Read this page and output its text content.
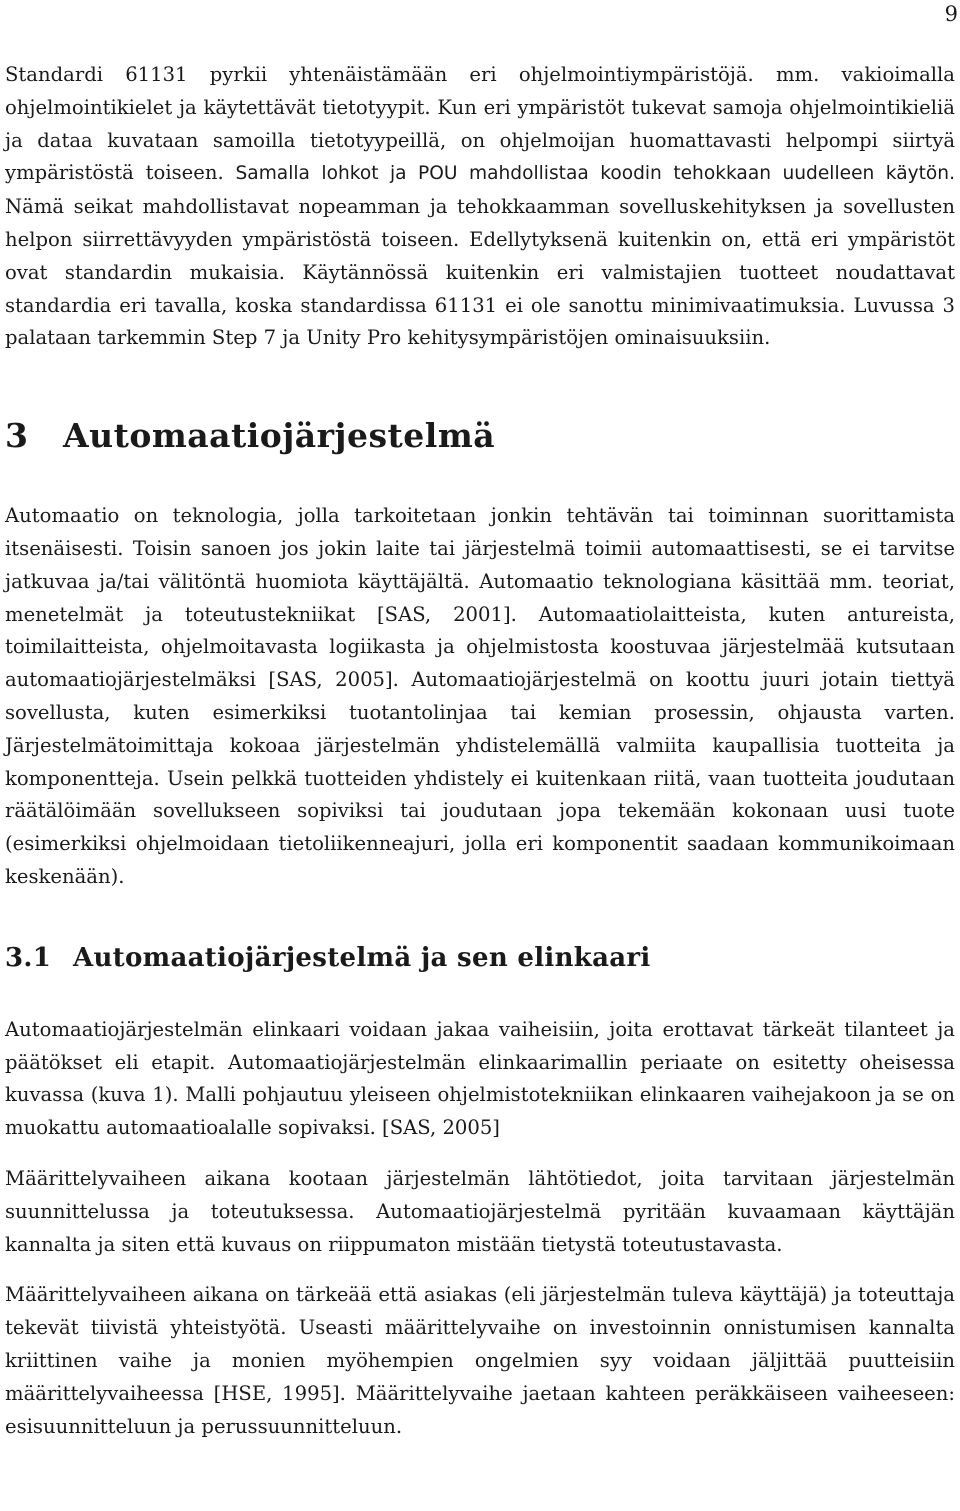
9

Standardi 61131 pyrkii yhtenäistämään eri ohjelmointiympäristöjä. mm. vakioimalla ohjelmointikielet ja käytettävät tietotyypit. Kun eri ympäristöt tukevat samoja ohjelmointikieliä ja dataa kuvataan samoilla tietotyypeillä, on ohjelmoijan huomattavasti helpompi siirtyä ympäristöstä toiseen. Samalla lohkot ja POU mahdollistaa koodin tehokkaan uudelleen käytön. Nämä seikat mahdollistavat nopeamman ja tehokkaamman sovelluskehityksen ja sovellusten helpon siirrettävyyden ympäristöstä toiseen. Edellytyksenä kuitenkin on, että eri ympäristöt ovat standardin mukaisia. Käytännössä kuitenkin eri valmistajien tuotteet noudattavat standardia eri tavalla, koska standardissa 61131 ei ole sanottu minimivaatimuksia. Luvussa 3 palataan tarkemmin Step 7 ja Unity Pro kehitysympäristöjen ominaisuuksiin.

3 Automaatiojärjestelmä

Automaatio on teknologia, jolla tarkoitetaan jonkin tehtävän tai toiminnan suorittamista itsenäisesti. Toisin sanoen jos jokin laite tai järjestelmä toimii automaattisesti, se ei tarvitse jatkuvaa ja/tai välitöntä huomiota käyttäjältä. Automaatio teknologiana käsittää mm. teoriat, menetelmät ja toteutustekniikat [SAS, 2001]. Automaatiolaitteista, kuten antureista, toimilaitteista, ohjelmoitavasta logiikasta ja ohjelmistosta koostuvaa järjestelmää kutsutaan automaatiojärjestelmäksi [SAS, 2005]. Automaatiojärjestelmä on koottu juuri jotain tiettyä sovellusta, kuten esimerkiksi tuotantolinjaa tai kemian prosessin, ohjausta varten. Järjestelmätoimittaja kokoaa järjestelmän yhdistelemällä valmiita kaupallisia tuotteita ja komponentteja. Usein pelkkä tuotteiden yhdistely ei kuitenkaan riitä, vaan tuotteita joudutaan räätälöimään sovellukseen sopiviksi tai joudutaan jopa tekemään kokonaan uusi tuote (esimerkiksi ohjelmoidaan tietoliikenneajuri, jolla eri komponentit saadaan kommunikoimaan keskenään).

3.1 Automaatiojärjestelmä ja sen elinkaari

Automaatiojärjestelmän elinkaari voidaan jakaa vaiheisiin, joita erottavat tärkeät tilanteet ja päätökset eli etapit. Automaatiojärjestelmän elinkaarimallin periaate on esitetty oheisessa kuvassa (kuva 1). Malli pohjautuu yleiseen ohjelmistotekniikan elinkaaren vaihejakoon ja se on muokattu automaatioalalle sopivaksi. [SAS, 2005]

Määrittelyvaiheen aikana kootaan järjestelmän lähtötiedot, joita tarvitaan järjestelmän suunnittelussa ja toteutuksessa. Automaatiojärjestelmä pyritään kuvaamaan käyttäjän kannalta ja siten että kuvaus on riippumaton mistään tietystä toteutustavasta.

Määrittelyvaiheen aikana on tärkeää että asiakas (eli järjestelmän tuleva käyttäjä) ja toteuttaja tekevät tiivistä yhteistyötä. Useasti määrittelyvaihe on investoinnin onnistumisen kannalta kriittinen vaihe ja monien myöhempien ongelmien syy voidaan jäljittää puutteisiin määrittelyvaiheessa [HSE, 1995]. Määrittelyvaihe jaetaan kahteen peräkkäiseen vaiheeseen: esisuunnitteluun ja perussuunnitteluun.
